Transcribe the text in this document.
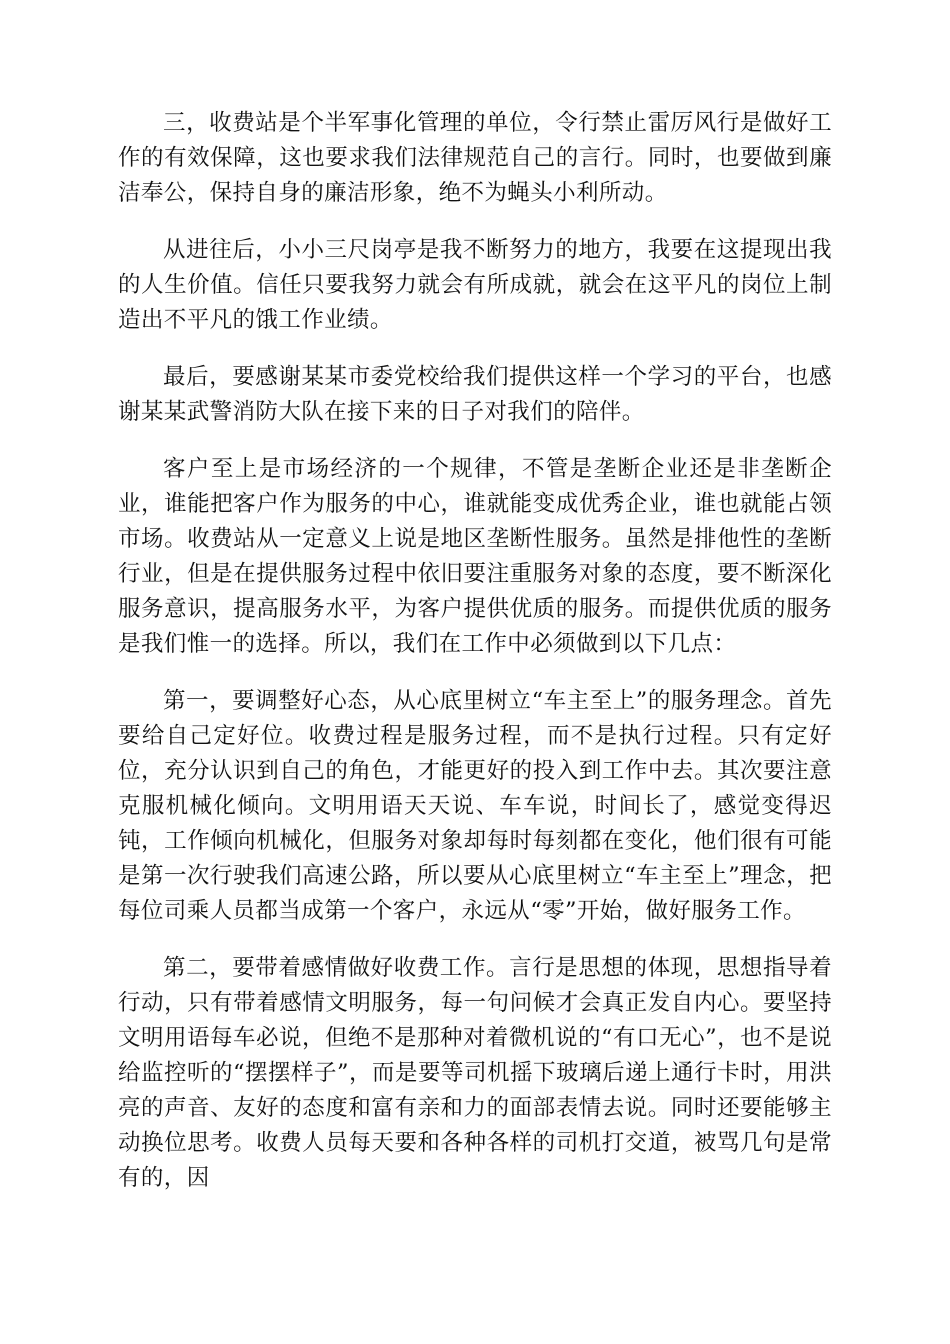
三，收费站是个半军事化管理的单位，令行禁止雷厉风行是做好工作的有效保障，这也要求我们法律规范自己的言行。同时，也要做到廉洁奉公，保持自身的廉洁形象，绝不为蝇头小利所动。

从进往后，小小三尺岗亭是我不断努力的地方，我要在这提现出我的人生价值。信任只要我努力就会有所成就，就会在这平凡的岗位上制造出不平凡的饿工作业绩。

最后，要感谢某某市委党校给我们提供这样一个学习的平台，也感谢某某武警消防大队在接下来的日子对我们的陪伴。

客户至上是市场经济的一个规律，不管是垄断企业还是非垄断企业，谁能把客户作为服务的中心，谁就能变成优秀企业，谁也就能占领市场。收费站从一定意义上说是地区垄断性服务。虽然是排他性的垄断行业，但是在提供服务过程中依旧要注重服务对象的态度，要不断深化服务意识，提高服务水平，为客户提供优质的服务。而提供优质的服务是我们惟一的选择。所以，我们在工作中必须做到以下几点：

第一，要调整好心态，从心底里树立“车主至上”的服务理念。首先要给自己定好位。收费过程是服务过程，而不是执行过程。只有定好位，充分认识到自己的角色，才能更好的投入到工作中去。其次要注意克服机械化倾向。文明用语天天说、车车说，时间长了，感觉变得迟钝，工作倾向机械化，但服务对象却每时每刻都在变化，他们很有可能是第一次行驶我们高速公路，所以要从心底里树立“车主至上”理念，把每位司乘人员都当成第一个客户，永远从“零”开始，做好服务工作。

第二，要带着感情做好收费工作。言行是思想的体现，思想指导着行动，只有带着感情文明服务，每一句问候才会真正发自内心。要坚持文明用语每车必说，但绝不是那种对着微机说的“有口无心”，也不是说给监控听的“摆摆样子”，而是要等司机摇下玻璃后递上通行卡时，用洪亮的声音、友好的态度和富有亲和力的面部表情去说。同时还要能够主动换位思考。收费人员每天要和各种各样的司机打交道，被骂几句是常有的，因
